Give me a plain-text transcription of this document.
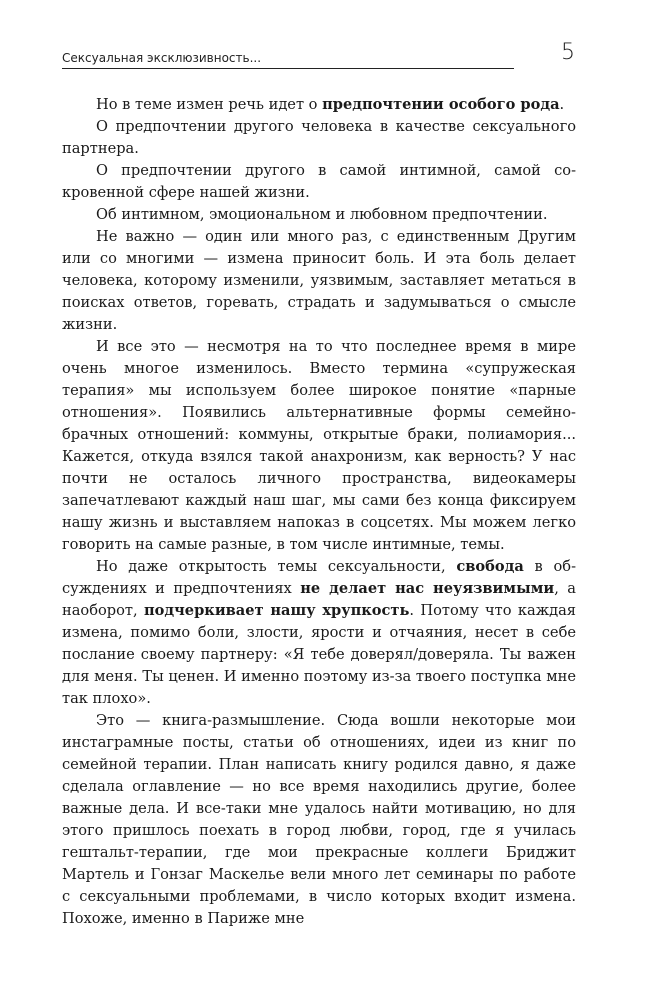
Сексуальная эксклюзивность...	5

Но в теме измен речь идет о предпочтении особого рода.

О предпочтении другого человека в качестве сексуального партнера.

О предпочтении другого в самой интимной, самой сокровенной сфере нашей жизни.

Об интимном, эмоциональном и любовном предпочтении.

Не важно — один или много раз, с единственным Другим или со многими — измена приносит боль. И эта боль делает человека, которому изменили, уязвимым, заставляет метаться в поисках ответов, горевать, страдать и задумываться о смысле жизни.

И все это — несмотря на то что последнее время в мире очень многое изменилось. Вместо термина «супружеская терапия» мы используем более широкое понятие «парные отношения». Появились альтернативные формы семейно-брачных отношений: коммуны, открытые браки, полиамория... Кажется, откуда взялся такой анахронизм, как верность? У нас почти не осталось личного пространства, видеокамеры запечатлевают каждый наш шаг, мы сами без конца фиксируем нашу жизнь и выставляем напоказ в соцсетях. Мы можем легко говорить на самые разные, в том числе интимные, темы.

Но даже открытость темы сексуальности, свобода в обсуждениях и предпочтениях не делает нас неуязвимыми, а наоборот, подчеркивает нашу хрупкость. Потому что каждая измена, помимо боли, злости, ярости и отчаяния, несет в себе послание своему партнеру: «Я тебе доверял/доверяла. Ты важен для меня. Ты ценен. И именно поэтому из-за твоего поступка мне так плохо».

Это — книга-размышление. Сюда вошли некоторые мои инстаграмные посты, статьи об отношениях, идеи из книг по семейной терапии. План написать книгу родился давно, я даже сделала оглавление — но все время находились другие, более важные дела. И все-таки мне удалось найти мотивацию, но для этого пришлось поехать в город любви, город, где я училась гештальт-терапии, где мои прекрасные коллеги Бриджит Мартель и Гонзаг Маскелье вели много лет семинары по работе с сексуальными проблемами, в число которых входит измена. Похоже, именно в Париже мне
